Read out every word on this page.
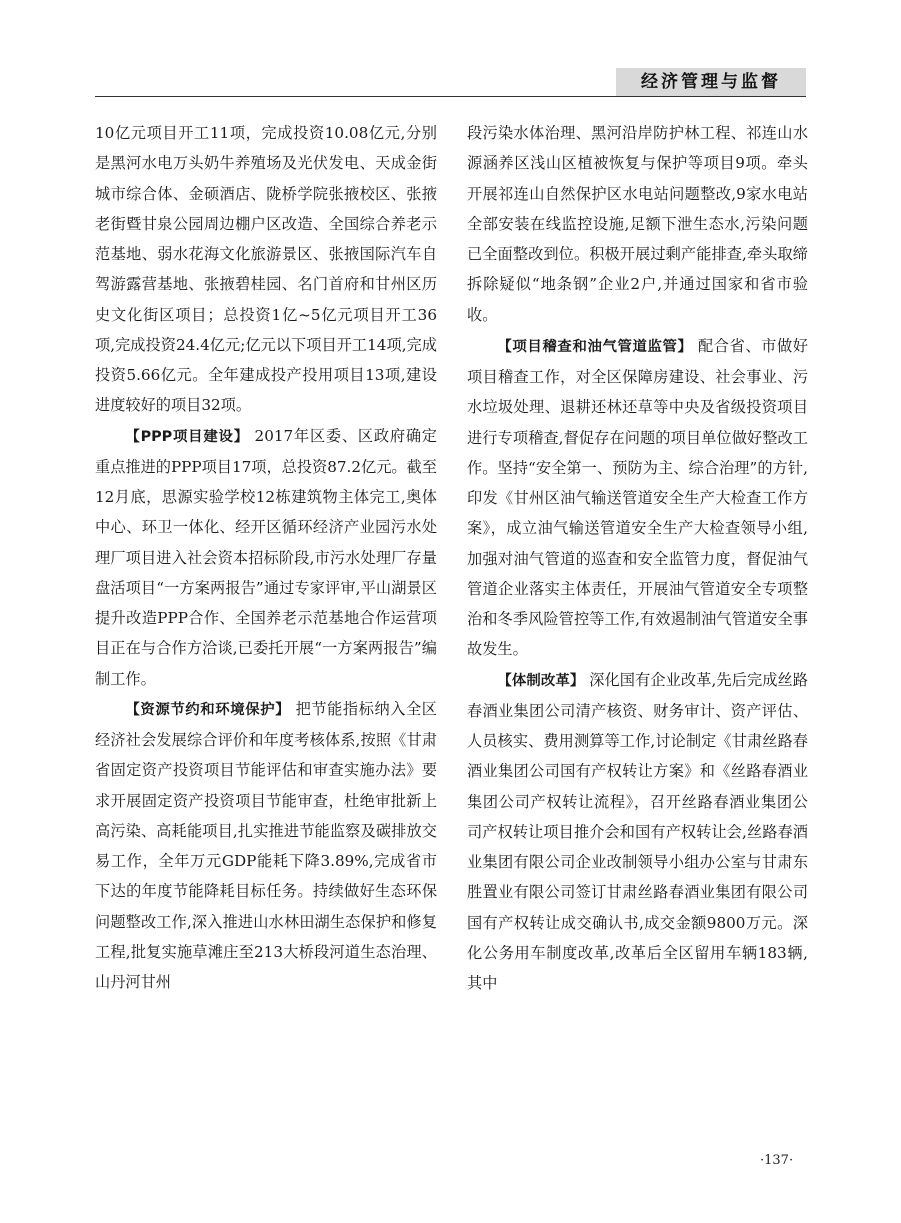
经济管理与监督

10亿元项目开工11项，完成投资10.08亿元,分别是黑河水电万头奶牛养殖场及光伏发电、天成金街城市综合体、金硕酒店、陇桥学院张掖校区、张掖老街暨甘泉公园周边棚户区改造、全国综合养老示范基地、弱水花海文化旅游景区、张掖国际汽车自驾游露营基地、张掖碧桂园、名门首府和甘州区历史文化街区项目；总投资1亿~5亿元项目开工36项,完成投资24.4亿元;亿元以下项目开工14项,完成投资5.66亿元。全年建成投产投用项目13项,建设进度较好的项目32项。

【PPP项目建设】 2017年区委、区政府确定重点推进的PPP项目17项，总投资87.2亿元。截至12月底，思源实验学校12栋建筑物主体完工,奥体中心、环卫一体化、经开区循环经济产业园污水处理厂项目进入社会资本招标阶段,市污水处理厂存量盘活项目“一方案两报告”通过专家评审,平山湖景区提升改造PPP合作、全国养老示范基地合作运营项目正在与合作方洽谈,已委托开展“一方案两报告”编制工作。

【资源节约和环境保护】 把节能指标纳入全区经济社会发展综合评价和年度考核体系,按照《甘肃省固定资产投资项目节能评估和审查实施办法》要求开展固定资产投资项目节能审查，杜绝审批新上高污染、高耗能项目,扎实推进节能监察及碳排放交易工作，全年万元GDP能耗下降3.89%,完成省市下达的年度节能降耗目标任务。持续做好生态环保问题整改工作,深入推进山水林田湖生态保护和修复工程,批复实施草滩庄至213大桥段河道生态治理、山丹河甘州

段污染水体治理、黑河沿岸防护林工程、祁连山水源涵养区浅山区植被恢复与保护等项目9项。牵头开展祁连山自然保护区水电站问题整改,9家水电站全部安装在线监控设施,足额下泄生态水,污染问题已全面整改到位。积极开展过剩产能排查,牵头取缔拆除疑似“地条钢”企业2户,并通过国家和省市验收。

【项目稽查和油气管道监管】 配合省、市做好项目稽查工作，对全区保障房建设、社会事业、污水垃圾处理、退耕还林还草等中央及省级投资项目进行专项稽查,督促存在问题的项目单位做好整改工作。坚持“安全第一、预防为主、综合治理”的方针,印发《甘州区油气输送管道安全生产大检查工作方案》，成立油气输送管道安全生产大检查领导小组,加强对油气管道的巡查和安全监管力度，督促油气管道企业落实主体责任，开展油气管道安全专项整治和冬季风险管控等工作,有效遏制油气管道安全事故发生。

【体制改革】 深化国有企业改革,先后完成丝路春酒业集团公司清产核资、财务审计、资产评估、人员核实、费用测算等工作,讨论制定《甘肃丝路春酒业集团公司国有产权转让方案》和《丝路春酒业集团公司产权转让流程》，召开丝路春酒业集团公司产权转让项目推介会和国有产权转让会,丝路春酒业集团有限公司企业改制领导小组办公室与甘肃东胜置业有限公司签订甘肃丝路春酒业集团有限公司国有产权转让成交确认书,成交金额9800万元。深化公务用车制度改革,改革后全区留用车辆183辆,其中

·137·
